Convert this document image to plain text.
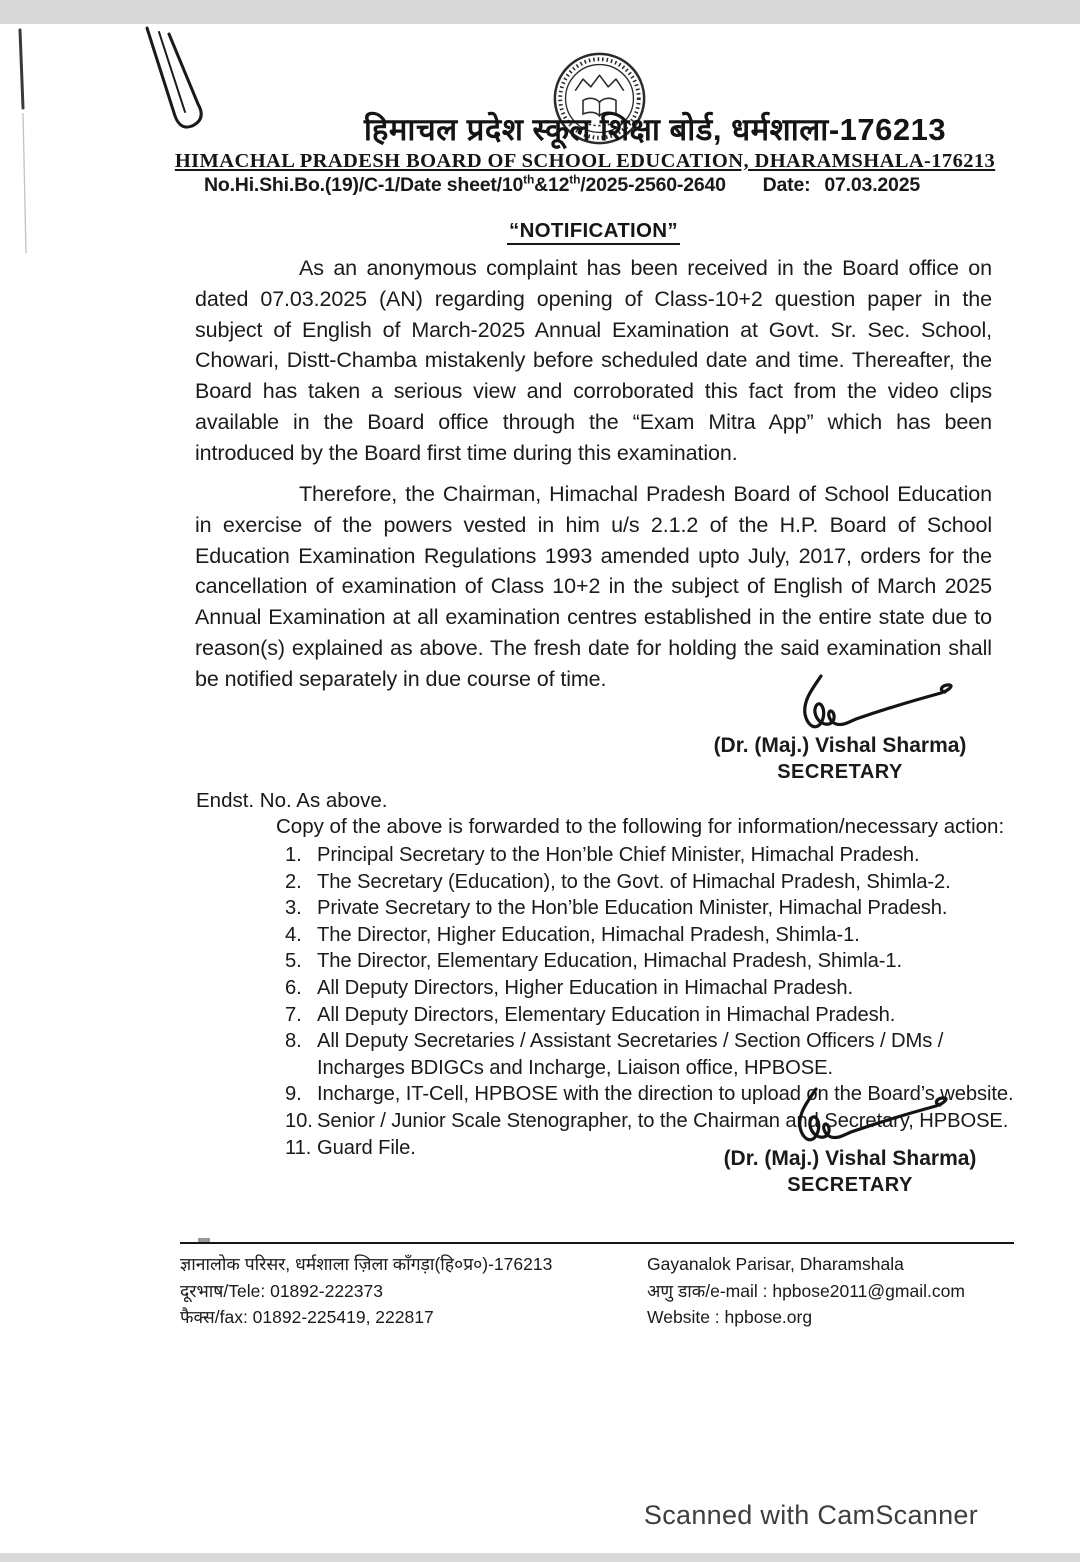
हिमाचल प्रदेश स्कूल शिक्षा बोर्ड, धर्मशाला-176213
HIMACHAL PRADESH BOARD OF SCHOOL EDUCATION, DHARAMSHALA-176213
No.Hi.Shi.Bo.(19)/C-1/Date sheet/10th&12th/2025-2560-2640 Date: 07.03.2025
“NOTIFICATION”

As an anonymous complaint has been received in the Board office on dated 07.03.2025 (AN) regarding opening of Class-10+2 question paper in the subject of English of March-2025 Annual Examination at Govt. Sr. Sec. School, Chowari, Distt-Chamba mistakenly before scheduled date and time. Thereafter, the Board has taken a serious view and corroborated this fact from the video clips available in the Board office through the “Exam Mitra App” which has been introduced by the Board first time during this examination.

Therefore, the Chairman, Himachal Pradesh Board of School Education in exercise of the powers vested in him u/s 2.1.2 of the H.P. Board of School Education Examination Regulations 1993 amended upto July, 2017, orders for the cancellation of examination of Class 10+2 in the subject of English of March 2025 Annual Examination at all examination centres established in the entire state due to reason(s) explained as above. The fresh date for holding the said examination shall be notified separately in due course of time.

(Dr. (Maj.) Vishal Sharma)
SECRETARY
Endst. No. As above.
Copy of the above is forwarded to the following for information/necessary action:
1. Principal Secretary to the Hon’ble Chief Minister, Himachal Pradesh.
2. The Secretary (Education), to the Govt. of Himachal Pradesh, Shimla-2.
3. Private Secretary to the Hon’ble Education Minister, Himachal Pradesh.
4. The Director, Higher Education, Himachal Pradesh, Shimla-1.
5. The Director, Elementary Education, Himachal Pradesh, Shimla-1.
6. All Deputy Directors, Higher Education in Himachal Pradesh.
7. All Deputy Directors, Elementary Education in Himachal Pradesh.
8. All Deputy Secretaries / Assistant Secretaries / Section Officers / DMs / Incharges BDIGCs and Incharge, Liaison office, HPBOSE.
9. Incharge, IT-Cell, HPBOSE with the direction to upload on the Board’s website.
10. Senior / Junior Scale Stenographer, to the Chairman and Secretary, HPBOSE.
11. Guard File.	(Dr. (Maj.) Vishal Sharma)
SECRETARY
ज्ञानालोक परिसर, धर्मशाला ज़िला काँगड़ा(हि०प्र०)-176213
दूरभाष/Tele: 01892-222373
फैक्स/fax: 01892-225419, 222817
Gayanalok Parisar, Dharamshala
अणु डाक/e-mail : hpbose2011@gmail.com
Website : hpbose.org
Scanned with CamScanner
